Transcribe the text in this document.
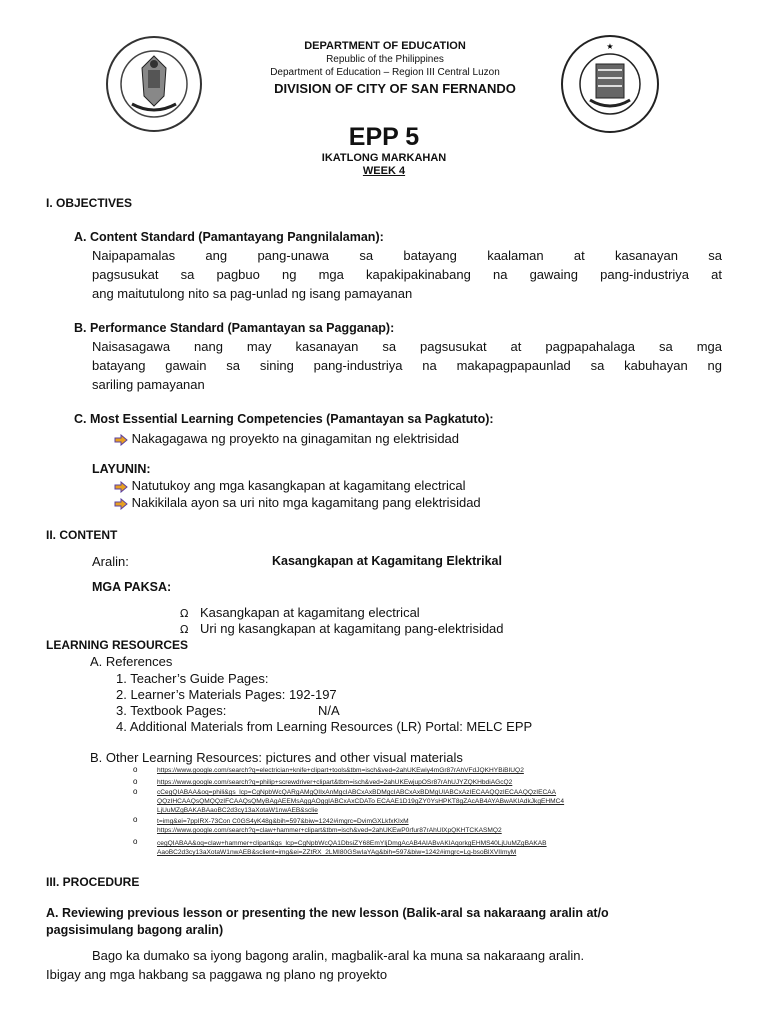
DEPARTMENT OF EDUCATION
Republic of the Philippines
Department of Education – Region III Central Luzon
DIVISION OF CITY OF SAN FERNANDO
★
EPP 5
IKATLONG MARKAHAN
WEEK 4
I. OBJECTIVES
A. Content Standard (Pamantayang Pangnilalaman):
Naipapamalas ang pang-unawa sa batayang kaalaman at kasanayan sa
pagsusukat sa pagbuo ng mga kapakipakinabang na gawaing pang-industriya at
ang maitutulong nito sa pag-unlad ng isang pamayanan
B. Performance Standard (Pamantayan sa Pagganap):
Naisasagawa nang may kasanayan sa pagsusukat at pagpapahalaga sa mga
batayang gawain sa sining pang-industriya na makapagpapaunlad sa kabuhayan ng
sariling pamayanan
C. Most Essential Learning Competencies (Pamantayan sa Pagkatuto):
Nakagagawa ng proyekto na ginagamitan ng elektrisidad
LAYUNIN:
Natutukoy ang mga kasangkapan at kagamitang electrical
Nakikilala ayon sa uri nito mga kagamitang pang elektrisidad
II. CONTENT
Aralin:	Kasangkapan at Kagamitang Elektrikal
MGA PAKSA:
Ω Kasangkapan at kagamitang electrical
Ω Uri ng kasangkapan at kagamitang pang-elektrisidad
LEARNING RESOURCES
A. References
1. Teacher’s Guide Pages:
2. Learner’s Materials Pages: 192-197
3. Textbook Pages:	N/A
4. Additional Materials from Learning Resources (LR) Portal: MELC EPP
B. Other Learning Resources: pictures and other visual materials
o	https://www.google.com/search?q=electrician+knife+clipart+tools&tbm=isch&ved=2ahUKEwiy4mGr87rAhVFdJQKHYBiBIUQ2
o	https://www.google.com/search?q=philip+screwdriver+clipart&tbm=isch&ved=2ahUKEwjupOSr87rAhUJYZQKHbdiAGcQ2
o	cCegQIABAA&oq=phili&gs_lcp=CgNpbWcQARgAMgQIIxAnMgcIABCxAxBDMgcIABCxAxBDMgUIABCxAzIECAAQQzIECAAQQzIECAA
QQzIHCAAQsQMQQzIFCAAQsQMyBAgAEEMsAggAOggIABCxAxCDATo ECAAE1D19gZY0YsHPKT8gZAcAB4AYABwAKIAdkJkgEHMC4
LjUuMZgBAKABAaoBC2d3cy13aXotaW1nwAEB&sclie
o	t=img&ei=7ppIRX-73Con C0GS4yK48g&bih=597&biw=1242#imgrc=DvimGXLkfxKIxM
https://www.google.com/search?q=claw+hammer+clipart&tbm=isch&ved=2ahUKEwP0rfur87rAhUlXpQKHTCKASMQ2
o	cegQIABAA&oq=claw+hammer+clipart&gs_lcp=CgNpbWcQA1DbsiZY68EmYIjDmgAcAB4AIABvAKIAqorkgEHMS40LjUuMZgBAKAB
AaoBC2d3cy13aXotaW1nwAEB&sclient=img&ei=ZZtRX_2LMI80GSwIaYAg&bih=597&biw=1242#imgrc=Lg-bsoBlXVIImyM
III. PROCEDURE
A. Reviewing previous lesson or presenting the new lesson (Balik-aral sa nakaraang aralin at/o
pagsisimulang bagong aralin)
Bago ka dumako sa iyong bagong aralin, magbalik-aral ka muna sa nakaraang aralin.
Ibigay ang mga hakbang sa paggawa ng plano ng proyekto
